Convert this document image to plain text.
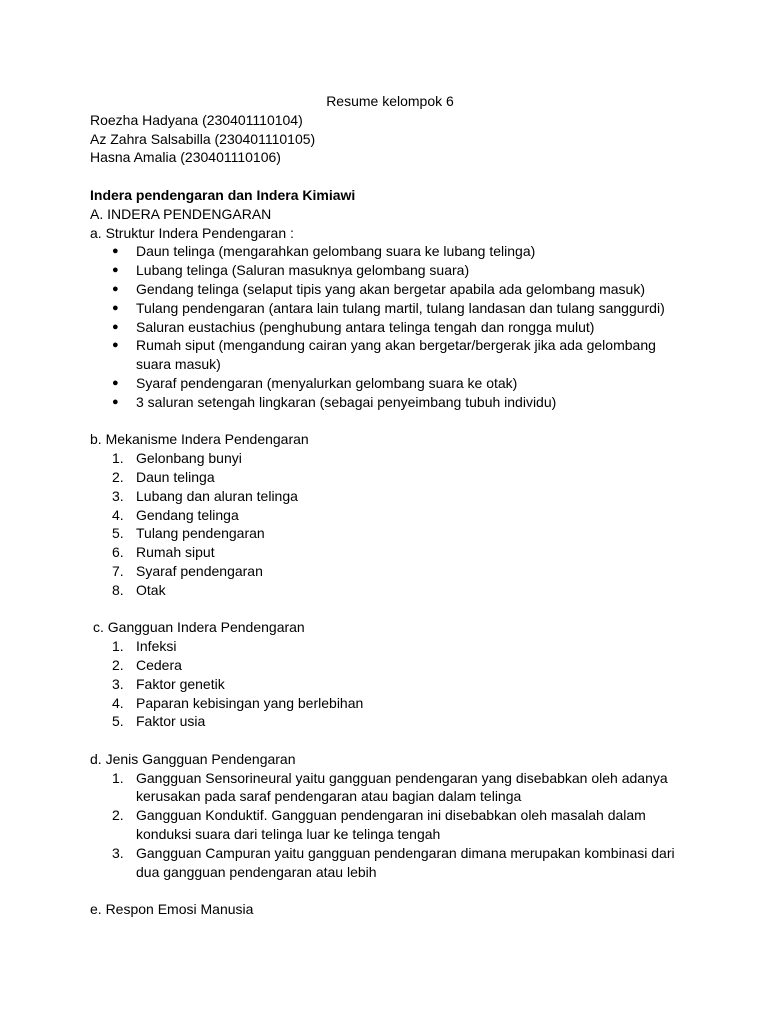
Resume kelompok 6

Roezha Hadyana (230401110104)

Az Zahra Salsabilla (230401110105)

Hasna Amalia (230401110106)

Indera pendengaran dan Indera Kimiawi

A. INDERA PENDENGARAN

a. Struktur Indera Pendengaran :

● Daun telinga (mengarahkan gelombang suara ke lubang telinga)
● Lubang telinga (Saluran masuknya gelombang suara)
● Gendang telinga (selaput tipis yang akan bergetar apabila ada gelombang masuk)
● Tulang pendengaran (antara lain tulang martil, tulang landasan dan tulang sanggurdi)
● Saluran eustachius (penghubung antara telinga tengah dan rongga mulut)
● Rumah siput (mengandung cairan yang akan bergetar/bergerak jika ada gelombang suara masuk)
● Syaraf pendengaran (menyalurkan gelombang suara ke otak)
● 3 saluran setengah lingkaran (sebagai penyeimbang tubuh individu)

b. Mekanisme Indera Pendengaran

1. Gelonbang bunyi
2. Daun telinga
3. Lubang dan aluran telinga
4. Gendang telinga
5. Tulang pendengaran
6. Rumah siput
7. Syaraf pendengaran
8. Otak

c. Gangguan Indera Pendengaran

1. Infeksi
2. Cedera
3. Faktor genetik
4. Paparan kebisingan yang berlebihan
5. Faktor usia

d. Jenis Gangguan Pendengaran

1. Gangguan Sensorineural yaitu gangguan pendengaran yang disebabkan oleh adanya kerusakan pada saraf pendengaran atau bagian dalam telinga
2. Gangguan Konduktif. Gangguan pendengaran ini disebabkan oleh masalah dalam konduksi suara dari telinga luar ke telinga tengah
3. Gangguan Campuran yaitu gangguan pendengaran dimana merupakan kombinasi dari dua gangguan pendengaran atau lebih

e. Respon Emosi Manusia
